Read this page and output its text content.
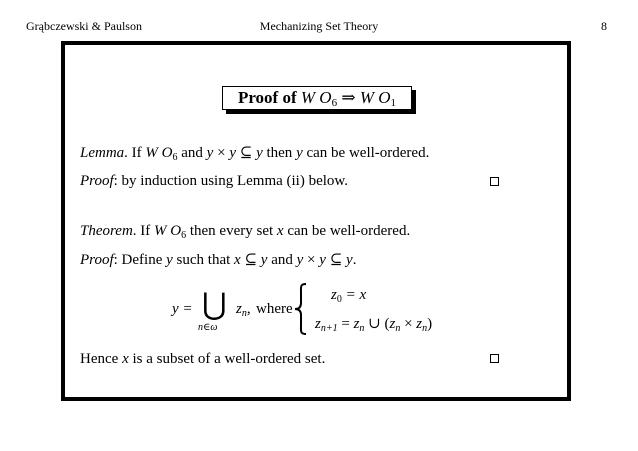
Grąbczewski & Paulson	Mechanizing Set Theory	8
Proof of W $O_6$ ⇒ W $O_1$
Lemma. If W $O_6$ and y × y ⊆ y then y can be well-ordered.
Proof: by induction using Lemma (ii) below.
Theorem. If W $O_6$ then every set x can be well-ordered.
Proof: Define y such that x ⊆ y and y × y ⊆ y.
y = ⋃
n∈ω
$z_n$, where
$z_0 = x$
$z_{n+1} = z_n$ ∪ $(z_n \times z_n)$
Hence x is a subset of a well-ordered set.
